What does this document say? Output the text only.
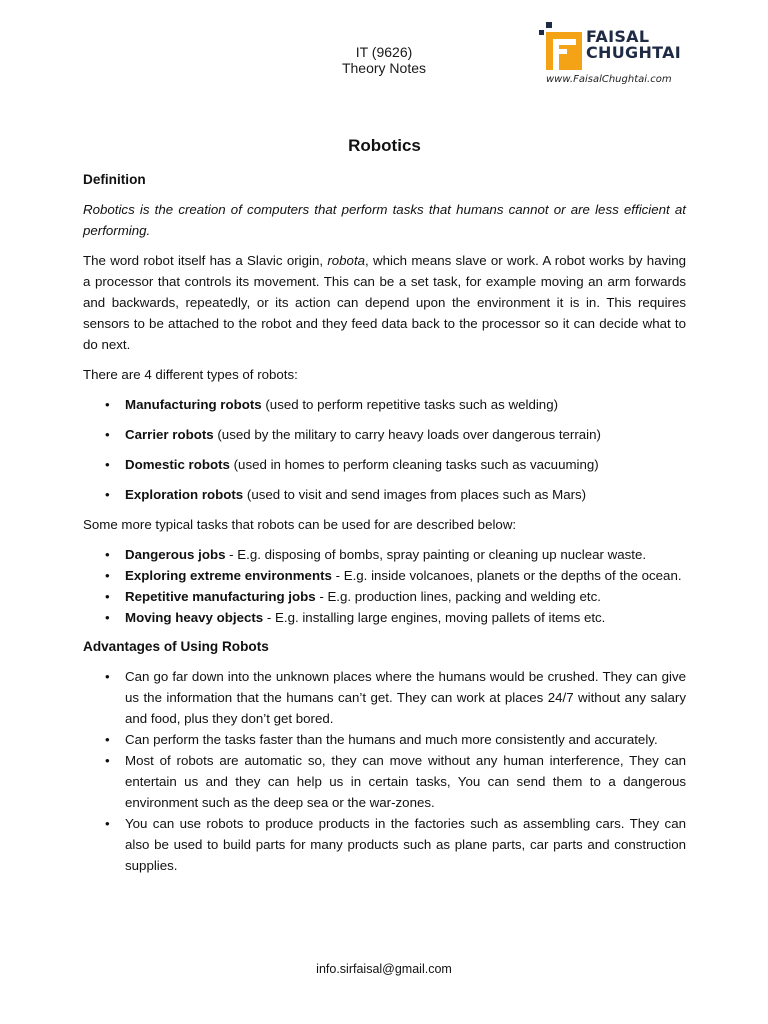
IT (9626)
Theory Notes
FAISAL
CHUGHTAI
www.FaisalChughtai.com
Robotics
Definition

Robotics is the creation of computers that perform tasks that humans cannot or are less efficient at performing.

The word robot itself has a Slavic origin, robota, which means slave or work. A robot works by having a processor that controls its movement. This can be a set task, for example moving an arm forwards and backwards, repeatedly, or its action can depend upon the environment it is in. This requires sensors to be attached to the robot and they feed data back to the processor so it can decide what to do next.

There are 4 different types of robots:

• Manufacturing robots (used to perform repetitive tasks such as welding)
• Carrier robots (used by the military to carry heavy loads over dangerous terrain)
• Domestic robots (used in homes to perform cleaning tasks such as vacuuming)
• Exploration robots (used to visit and send images from places such as Mars)

Some more typical tasks that robots can be used for are described below:

• Dangerous jobs - E.g. disposing of bombs, spray painting or cleaning up nuclear waste.
• Exploring extreme environments - E.g. inside volcanoes, planets or the depths of the ocean.
• Repetitive manufacturing jobs - E.g. production lines, packing and welding etc.
• Moving heavy objects - E.g. installing large engines, moving pallets of items etc.
Advantages of Using Robots
• Can go far down into the unknown places where the humans would be crushed. They can give us the information that the humans can’t get. They can work at places 24/7 without any salary and food, plus they don’t get bored.
• Can perform the tasks faster than the humans and much more consistently and accurately.
• Most of robots are automatic so, they can move without any human interference, They can entertain us and they can help us in certain tasks, You can send them to a dangerous environment such as the deep sea or the war-zones.
• You can use robots to produce products in the factories such as assembling cars. They can also be used to build parts for many products such as plane parts, car parts and construction supplies.
info.sirfaisal@gmail.com
